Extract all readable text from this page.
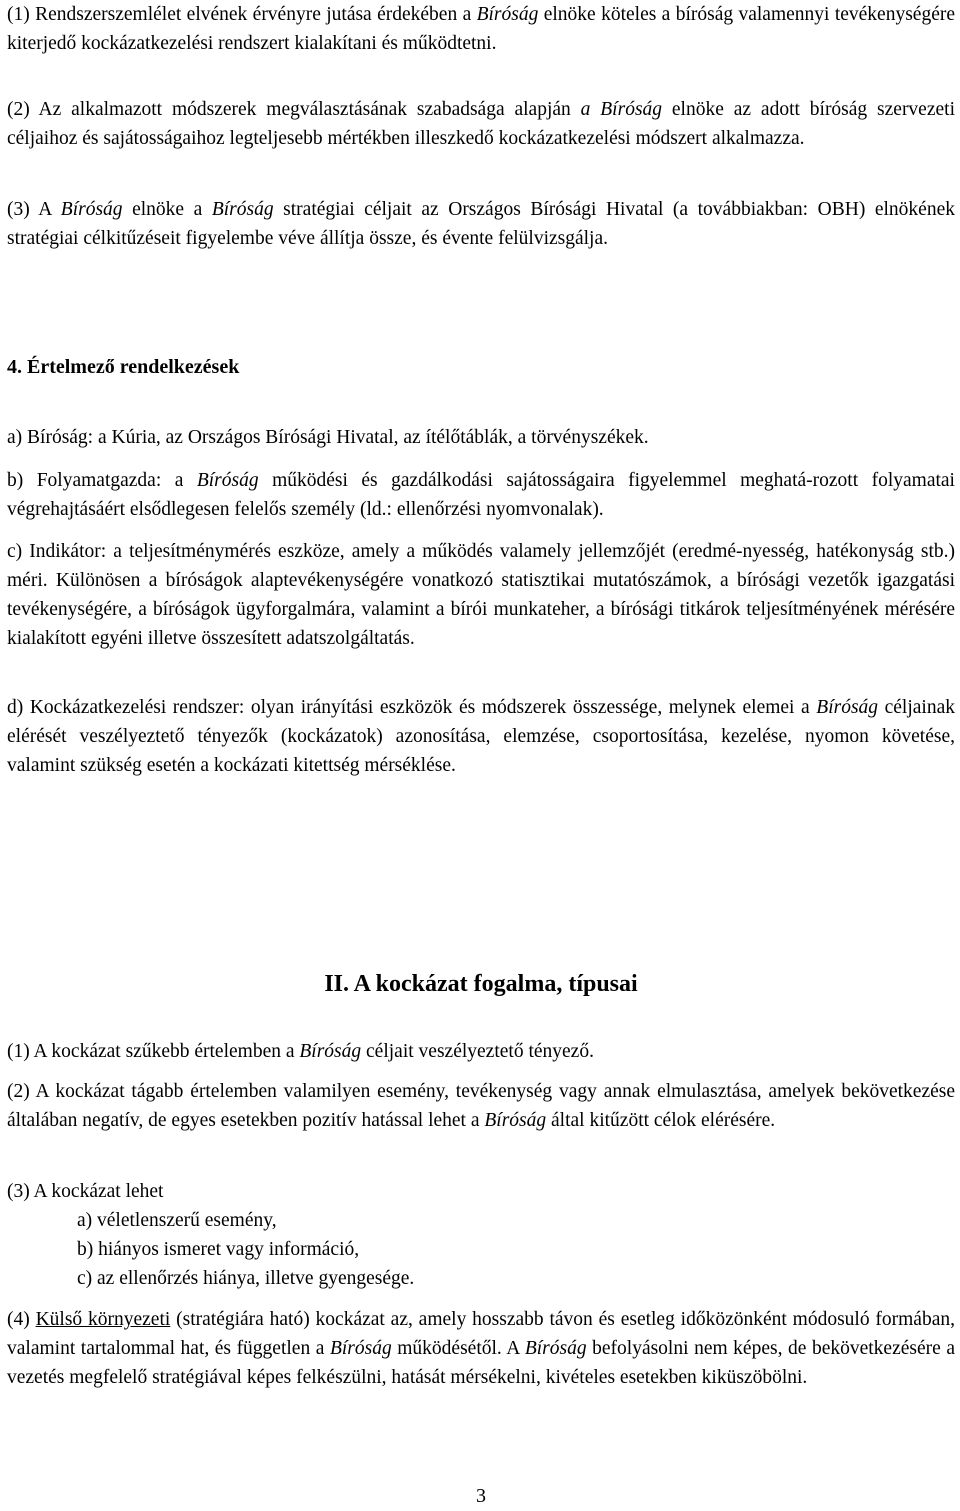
(1) Rendszerszemlélet elvének érvényre jutása érdekében a Bíróság elnöke köteles a bíróság valamennyi tevékenységére kiterjedő kockázatkezelési rendszert kialakítani és működtetni.

(2) Az alkalmazott módszerek megválasztásának szabadsága alapján a Bíróság elnöke az adott bíróság szervezeti céljaihoz és sajátosságaihoz legteljesebb mértékben illeszkedő kockázatkezelési módszert alkalmazza.

(3) A Bíróság elnöke a Bíróság stratégiai céljait az Országos Bírósági Hivatal (a továbbiakban: OBH) elnökének stratégiai célkitűzéseit figyelembe véve állítja össze, és évente felülvizsgálja.

4. Értelmező rendelkezések

a) Bíróság: a Kúria, az Országos Bírósági Hivatal, az ítélőtáblák, a törvényszékek.

b) Folyamatgazda: a Bíróság működési és gazdálkodási sajátosságaira figyelemmel meghatá-rozott folyamatai végrehajtásáért elsődlegesen felelős személy (ld.: ellenőrzési nyomvonalak).

c) Indikátor: a teljesítménymérés eszköze, amely a működés valamely jellemzőjét (eredmé-nyesség, hatékonyság stb.) méri. Különösen a bíróságok alaptevékenységére vonatkozó statisztikai mutatószámok, a bírósági vezetők igazgatási tevékenységére, a bíróságok ügyforgalmára, valamint a bírói munkateher, a bírósági titkárok teljesítményének mérésére kialakított egyéni illetve összesített adatszolgáltatás.

d) Kockázatkezelési rendszer: olyan irányítási eszközök és módszerek összessége, melynek elemei a Bíróság céljainak elérését veszélyeztető tényezők (kockázatok) azonosítása, elemzése, csoportosítása, kezelése, nyomon követése, valamint szükség esetén a kockázati kitettség mérséklése.

II. A kockázat fogalma, típusai

(1) A kockázat szűkebb értelemben a Bíróság céljait veszélyeztető tényező.

(2) A kockázat tágabb értelemben valamilyen esemény, tevékenység vagy annak elmulasztása, amelyek bekövetkezése általában negatív, de egyes esetekben pozitív hatással lehet a Bíróság által kitűzött célok elérésére.

(3) A kockázat lehet

a) véletlenszerű esemény,

b) hiányos ismeret vagy információ,

c) az ellenőrzés hiánya, illetve gyengesége.

(4) Külső környezeti (stratégiára ható) kockázat az, amely hosszabb távon és esetleg időközönként módosuló formában, valamint tartalommal hat, és független a Bíróság működésétől. A Bíróság befolyásolni nem képes, de bekövetkezésére a vezetés megfelelő stratégiával képes felkészülni, hatását mérsékelni, kivételes esetekben kiküszöbölni.

3
